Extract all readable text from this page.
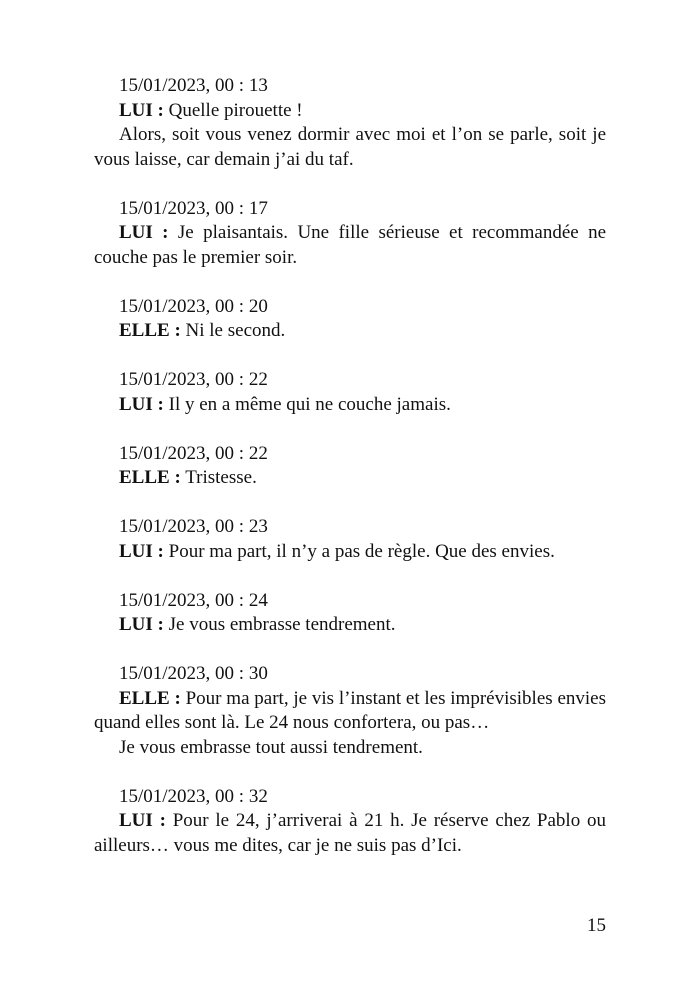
15/01/2023, 00 : 13
LUI : Quelle pirouette !
Alors, soit vous venez dormir avec moi et l’on se parle, soit je vous laisse, car demain j’ai du taf.
15/01/2023, 00 : 17
LUI : Je plaisantais. Une fille sérieuse et recommandée ne couche pas le premier soir.
15/01/2023, 00 : 20
ELLE : Ni le second.
15/01/2023, 00 : 22
LUI : Il y en a même qui ne couche jamais.
15/01/2023, 00 : 22
ELLE : Tristesse.
15/01/2023, 00 : 23
LUI : Pour ma part, il n’y a pas de règle. Que des envies.
15/01/2023, 00 : 24
LUI : Je vous embrasse tendrement.
15/01/2023, 00 : 30
ELLE : Pour ma part, je vis l’instant et les imprévisibles envies quand elles sont là. Le 24 nous confortera, ou pas…
Je vous embrasse tout aussi tendrement.
15/01/2023, 00 : 32
LUI : Pour le 24, j’arriverai à 21 h. Je réserve chez Pablo ou ailleurs… vous me dites, car je ne suis pas d’Ici.
15
